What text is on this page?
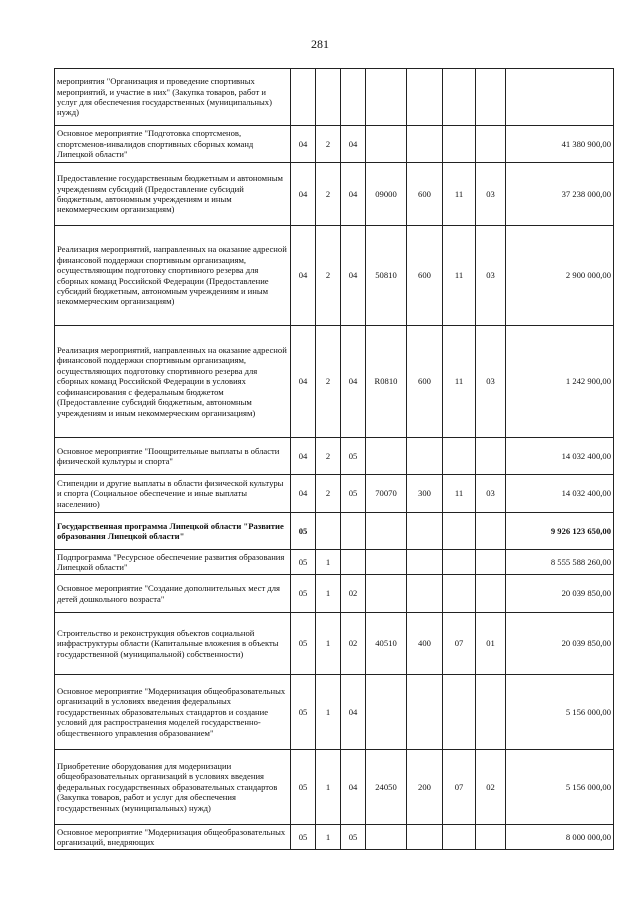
281
мероприятия "Организация и проведение спортивных мероприятий, и участие в них" (Закупка товаров, работ и услуг для обеспечения государственных (муниципальных) нужд)								
Основное мероприятие "Подготовка спортсменов, спортсменов-инвалидов спортивных сборных команд Липецкой области"	04	2	04					41 380 900,00
Предоставление государственным бюджетным и автономным учреждениям субсидий (Предоставление субсидий бюджетным, автономным учреждениям и иным некоммерческим организациям)	04	2	04	09000	600	11	03	37 238 000,00
Реализация мероприятий, направленных на оказание адресной финансовой поддержки спортивным организациям, осуществляющим подготовку спортивного резерва для сборных команд Российской Федерации (Предоставление субсидий бюджетным, автономным учреждениям и иным некоммерческим организациям)	04	2	04	50810	600	11	03	2 900 000,00
Реализация мероприятий, направленных на оказание адресной финансовой поддержки спортивным организациям, осуществляющих подготовку спортивного резерва для сборных команд Российской Федерации в условиях софинансирования с федеральным бюджетом (Предоставление субсидий бюджетным, автономным учреждениям и иным некоммерческим организациям)	04	2	04	R0810	600	11	03	1 242 900,00
Основное мероприятие "Поощрительные выплаты в области физической культуры и спорта"	04	2	05					14 032 400,00
Стипендии и другие выплаты в области физической культуры и спорта (Социальное обеспечение и иные выплаты населению)	04	2	05	70070	300	11	03	14 032 400,00
Государственная программа Липецкой области "Развитие образования Липецкой области"	05							9 926 123 650,00
Подпрограмма "Ресурсное обеспечение развития образования Липецкой области"	05	1						8 555 588 260,00
Основное мероприятие "Создание дополнительных мест для детей дошкольного возраста"	05	1	02					20 039 850,00
Строительство и реконструкция объектов социальной инфраструктуры области (Капитальные вложения в объекты государственной (муниципальной) собственности)	05	1	02	40510	400	07	01	20 039 850,00
Основное мероприятие "Модернизация общеобразовательных организаций в условиях введения федеральных государственных образовательных стандартов и создание условий для распространения моделей государственно-общественного управления образованием"	05	1	04					5 156 000,00
Приобретение оборудования для модернизации общеобразовательных организаций в условиях введения федеральных государственных образовательных стандартов (Закупка товаров, работ и услуг для обеспечения государственных (муниципальных) нужд)	05	1	04	24050	200	07	02	5 156 000,00
Основное мероприятие "Модернизация общеобразовательных организаций, внедряющих	05	1	05					8 000 000,00
